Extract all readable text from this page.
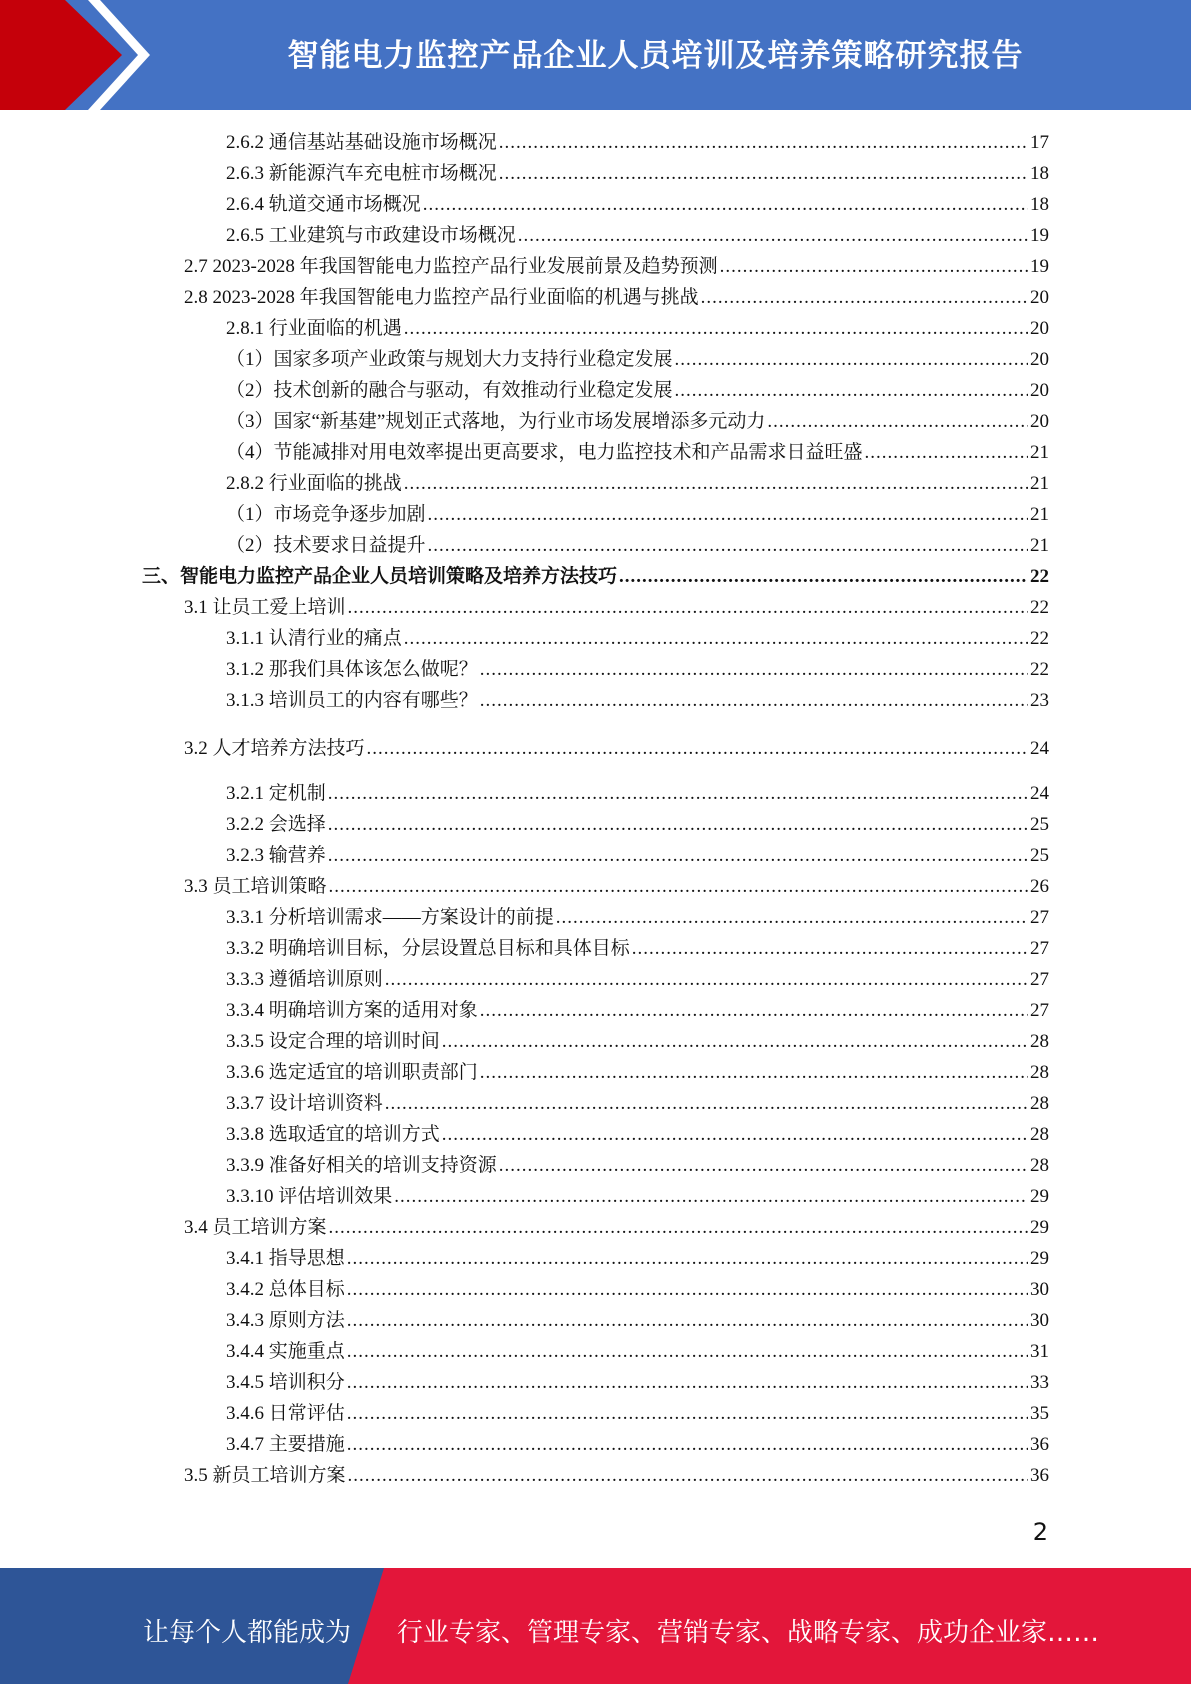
智能电力监控产品企业人员培训及培养策略研究报告
2.6.2 通信基站基础设施市场概况 .....	17
2.6.3 新能源汽车充电桩市场概况 .....	18
2.6.4 轨道交通市场概况 .....	18
2.6.5 工业建筑与市政建设市场概况 .....	19
2.7 2023-2028 年我国智能电力监控产品行业发展前景及趋势预测 .....	19
2.8 2023-2028 年我国智能电力监控产品行业面临的机遇与挑战 .....	20
2.8.1 行业面临的机遇 .....	20
（1）国家多项产业政策与规划大力支持行业稳定发展 .....	20
（2）技术创新的融合与驱动，有效推动行业稳定发展 .....	20
（3）国家“新基建”规划正式落地，为行业市场发展增添多元动力 .....	20
（4）节能减排对用电效率提出更高要求，电力监控技术和产品需求日益旺盛 .....	21
2.8.2 行业面临的挑战 .....	21
（1）市场竞争逐步加剧 .....	21
（2）技术要求日益提升 .....	21
三、智能电力监控产品企业人员培训策略及培养方法技巧 .....	22
3.1 让员工爱上培训 .....	22
3.1.1 认清行业的痛点 .....	22
3.1.2 那我们具体该怎么做呢？ .....	22
3.1.3 培训员工的内容有哪些？ .....	23
3.2 人才培养方法技巧 .....	24
3.2.1 定机制 .....	24
3.2.2 会选择 .....	25
3.2.3 输营养 .....	25
3.3 员工培训策略 .....	26
3.3.1 分析培训需求——方案设计的前提 .....	27
3.3.2 明确培训目标，分层设置总目标和具体目标 .....	27
3.3.3 遵循培训原则 .....	27
3.3.4 明确培训方案的适用对象 .....	27
3.3.5 设定合理的培训时间 .....	28
3.3.6 选定适宜的培训职责部门 .....	28
3.3.7 设计培训资料 .....	28
3.3.8 选取适宜的培训方式 .....	28
3.3.9 准备好相关的培训支持资源 .....	28
3.3.10 评估培训效果 .....	29
3.4 员工培训方案 .....	29
3.4.1 指导思想 .....	29
3.4.2 总体目标 .....	30
3.4.3 原则方法 .....	30
3.4.4 实施重点 .....	31
3.4.5 培训积分 .....	33
3.4.6 日常评估 .....	35
3.4.7 主要措施 .....	36
3.5 新员工培训方案 .....	36
2
让每个人都能成为 行业专家、管理专家、营销专家、战略专家、成功企业家……
